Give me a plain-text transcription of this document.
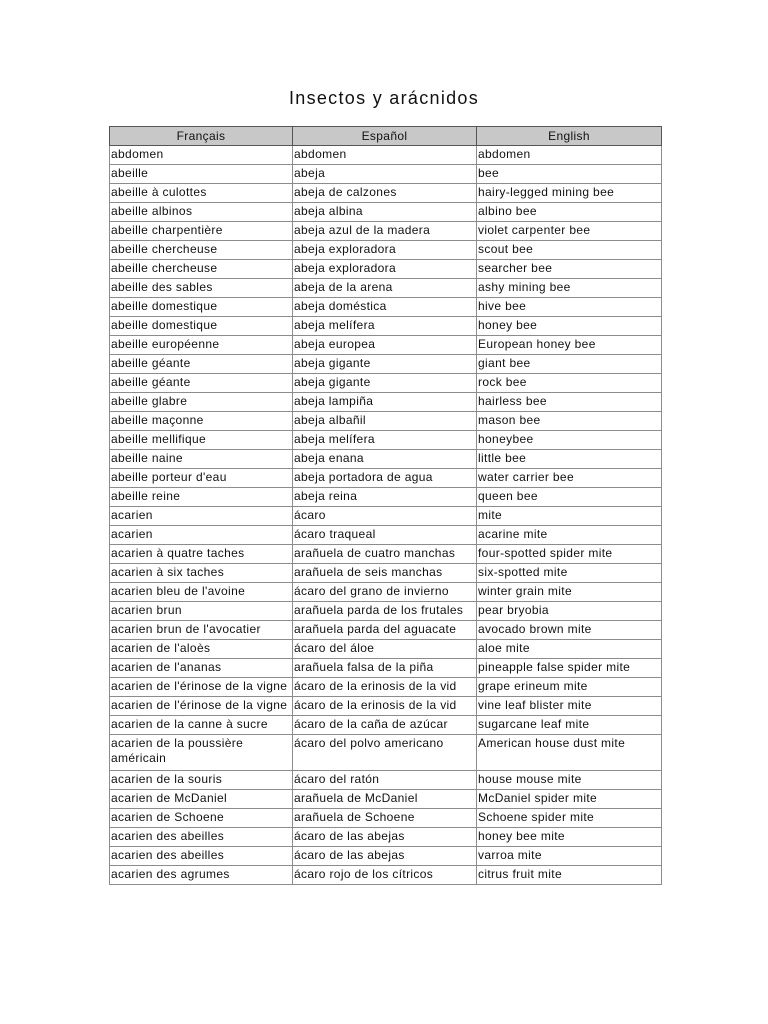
Insectos y arácnidos
Français	Español	English
abdomen	abdomen	abdomen
abeille	abeja	bee
abeille à culottes	abeja de calzones	hairy-legged mining bee
abeille albinos	abeja albina	albino bee
abeille charpentière	abeja azul de la madera	violet carpenter bee
abeille chercheuse	abeja exploradora	scout bee
abeille chercheuse	abeja exploradora	searcher bee
abeille des sables	abeja de la arena	ashy mining bee
abeille domestique	abeja doméstica	hive bee
abeille domestique	abeja melífera	honey bee
abeille européenne	abeja europea	European honey bee
abeille géante	abeja gigante	giant bee
abeille géante	abeja gigante	rock bee
abeille glabre	abeja lampiña	hairless bee
abeille maçonne	abeja albañil	mason bee
abeille mellifique	abeja melífera	honeybee
abeille naine	abeja enana	little bee
abeille porteur d'eau	abeja portadora de agua	water carrier bee
abeille reine	abeja reina	queen bee
acarien	ácaro	mite
acarien	ácaro traqueal	acarine mite
acarien à quatre taches	arañuela de cuatro manchas	four-spotted spider mite
acarien à six taches	arañuela de seis manchas	six-spotted mite
acarien bleu de l'avoine	ácaro del grano de invierno	winter grain mite
acarien brun	arañuela parda de los frutales	pear bryobia
acarien brun de l'avocatier	arañuela parda del aguacate	avocado brown mite
acarien de l'aloès	ácaro del áloe	aloe mite
acarien de l'ananas	arañuela falsa de la piña	pineapple false spider mite
acarien de l'érinose de la vigne	ácaro de la erinosis de la vid	grape erineum mite
acarien de l'érinose de la vigne	ácaro de la erinosis de la vid	vine leaf blister mite
acarien de la canne à sucre	ácaro de la caña de azúcar	sugarcane leaf mite
acarien de la poussière américain	ácaro del polvo americano	American house dust mite
acarien de la souris	ácaro del ratón	house mouse mite
acarien de McDaniel	arañuela de McDaniel	McDaniel spider mite
acarien de Schoene	arañuela de Schoene	Schoene spider mite
acarien des abeilles	ácaro de las abejas	honey bee mite
acarien des abeilles	ácaro de las abejas	varroa mite
acarien des agrumes	ácaro rojo de los cítricos	citrus fruit mite
